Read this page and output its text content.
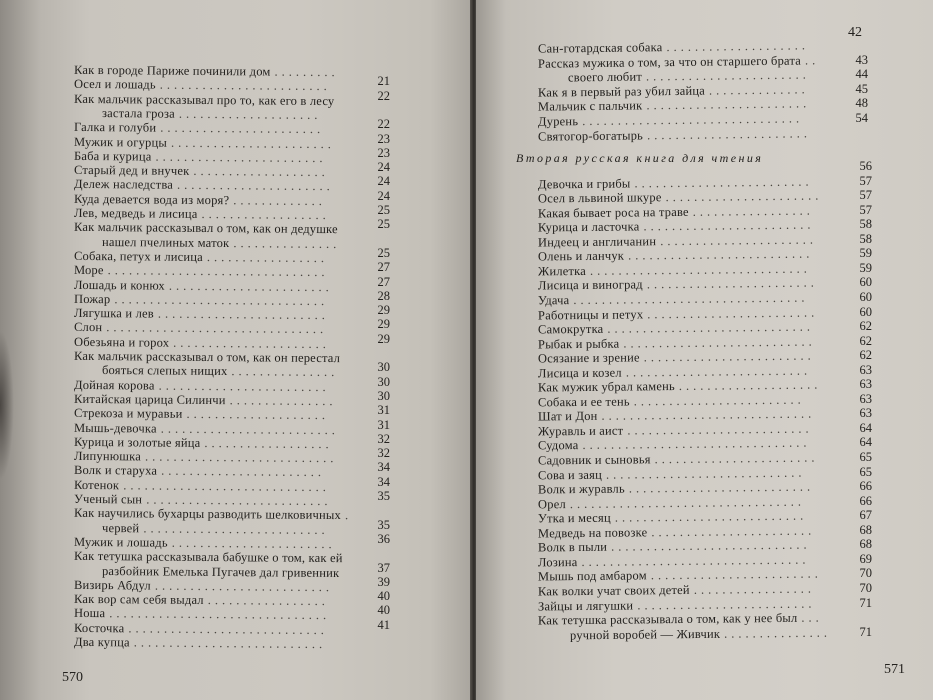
Как в городе Париже починили дом .........
Осел и лошадь ........................	21
Как мальчик рассказывал про то, как его в лесу	22
застала гроза ....................
Галка и голуби .......................	22
Мужик и огурцы .......................	23
Баба и курица ........................	23
Старый дед и внучек ...................	24
Дележ наследства ......................	24
Куда девается вода из моря? .............	24
Лев, медведь и лисица ..................	25
Как мальчик рассказывал о том, как он дедушке	25
нашел пчелиных маток ...............
Собака, петух и лисица .................	25
Море ...............................	27
Лошадь и конюх .......................	27
Пожар ..............................	28
Лягушка и лев ........................	29
Слон ...............................	29
Обезьяна и горох ......................	29
Как мальчик рассказывал о том, как он перестал
бояться слепых нищих ...............	30
Дойная корова ........................	30
Китайская царица Силинчи ...............	30
Стрекоза и муравьи ....................	31
Мышь-девочка .........................	31
Курица и золотые яйца ..................	32
Липунюшка ...........................	32
Волк и старуха .......................	34
Котенок .............................	34
Ученый сын ..........................	35
Как научились бухарцы разводить шелковичных .
червей ..........................	35
Мужик и лошадь .......................	36
Как тетушка рассказывала бабушке о том, как ей
разбойник Емелька Пугачев дал гривенник	37
Визирь Абдул .........................	39
Как вор сам себя выдал .................	40
Ноша ...............................	40
Косточка ............................	41
Два купца ...........................
570
42
Сан-готардская собака ....................
Рассказ мужика о том, за что он старшего брата ..	43
своего любит .......................	44
Как я в первый раз убил зайца ..............	45
Мальчик с пальчик .......................	48
Дурень ...............................	54
Святогор-богатырь .......................
Вторая русская книга для чтения
56
Девочка и грибы .........................	57
Осел в львиной шкуре ......................	57
Какая бывает роса на траве .................	57
Курица и ласточка ........................	58
Индеец и англичанин ......................	58
Олень и ланчук ..........................	59
Жилетка ...............................	59
Лисица и виноград ........................	60
Удача .................................	60
Работницы и петух ........................	60
Самокрутка .............................	62
Рыбак и рыбка ...........................	62
Осязание и зрение ........................	62
Лисица и козел ..........................	63
Как мужик убрал камень ....................	63
Собака и ее тень ........................	63
Шат и Дон ..............................	63
Журавль и аист ..........................	64
Судома ................................	64
Садовник и сыновья .......................	65
Сова и заяц ............................	65
Волк и журавль ..........................	66
Орел .................................	66
Утка и месяц ...........................	67
Медведь на повозке .......................	68
Волк в пыли ............................	68
Лозина ................................	69
Мышь под амбаром ........................	70
Как волки учат своих детей .................	70
Зайцы и лягушки .........................	71
Как тетушка рассказывала о том, как у нее был ...
ручной воробей — Живчик ...............	71
571
